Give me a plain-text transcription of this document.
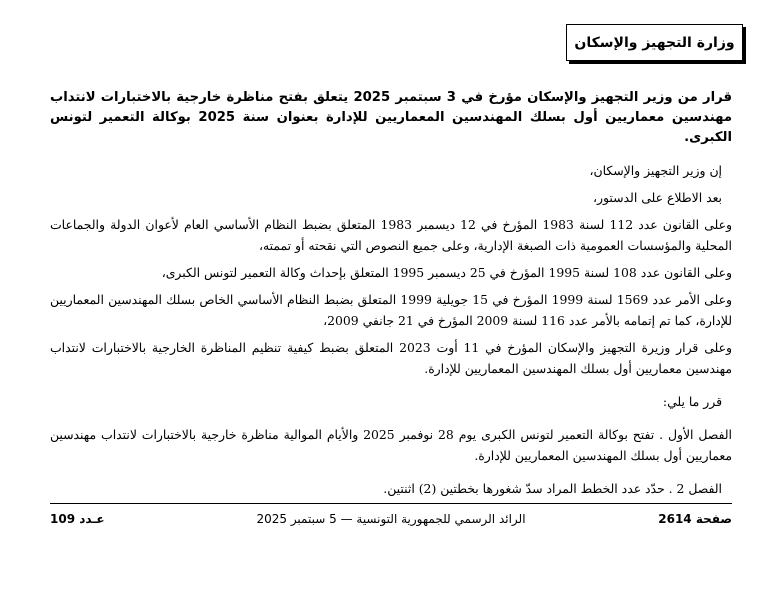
وزارة التجهيز والإسكان
قرار من وزير التجهيز والإسكان مؤرخ في 3 سبتمبر 2025 يتعلق بفتح مناظرة خارجية بالاختبارات لانتداب مهندسين معماريين أول بسلك المهندسين المعماريين للإدارة بعنوان سنة 2025 بوكالة التعمير لتونس الكبرى.
إن وزير التجهيز والإسكان،
بعد الاطلاع على الدستور،
وعلى القانون عدد 112 لسنة 1983 المؤرخ في 12 ديسمبر 1983 المتعلق بضبط النظام الأساسي العام لأعوان الدولة والجماعات المحلية والمؤسسات العمومية ذات الصبغة الإدارية، وعلى جميع النصوص التي نقحته أو تممته،
وعلى القانون عدد 108 لسنة 1995 المؤرخ في 25 ديسمبر 1995 المتعلق بإحداث وكالة التعمير لتونس الكبرى،
وعلى الأمر عدد 1569 لسنة 1999 المؤرخ في 15 جويلية 1999 المتعلق بضبط النظام الأساسي الخاص بسلك المهندسين المعماريين للإدارة، كما تم إتمامه بالأمر عدد 116 لسنة 2009 المؤرخ في 21 جانفي 2009،
وعلى قرار وزيرة التجهيز والإسكان المؤرخ في 11 أوت 2023 المتعلق بضبط كيفية تنظيم المناظرة الخارجية بالاختبارات لانتداب مهندسين معماريين أول بسلك المهندسين المعماريين للإدارة.
قرر ما يلي:
الفصل الأول . تفتح بوكالة التعمير لتونس الكبرى يوم 28 نوفمبر 2025 والأيام الموالية مناظرة خارجية بالاختبارات لانتداب مهندسين معماريين أول بسلك المهندسين المعماريين للإدارة.
الفصل 2 . حدّد عدد الخطط المراد سدّ شغورها بخطتين (2) اثنتين.
صفحة 2614
الرائد الرسمي للجمهورية التونسية — 5 سبتمبر 2025
عـدد 109
